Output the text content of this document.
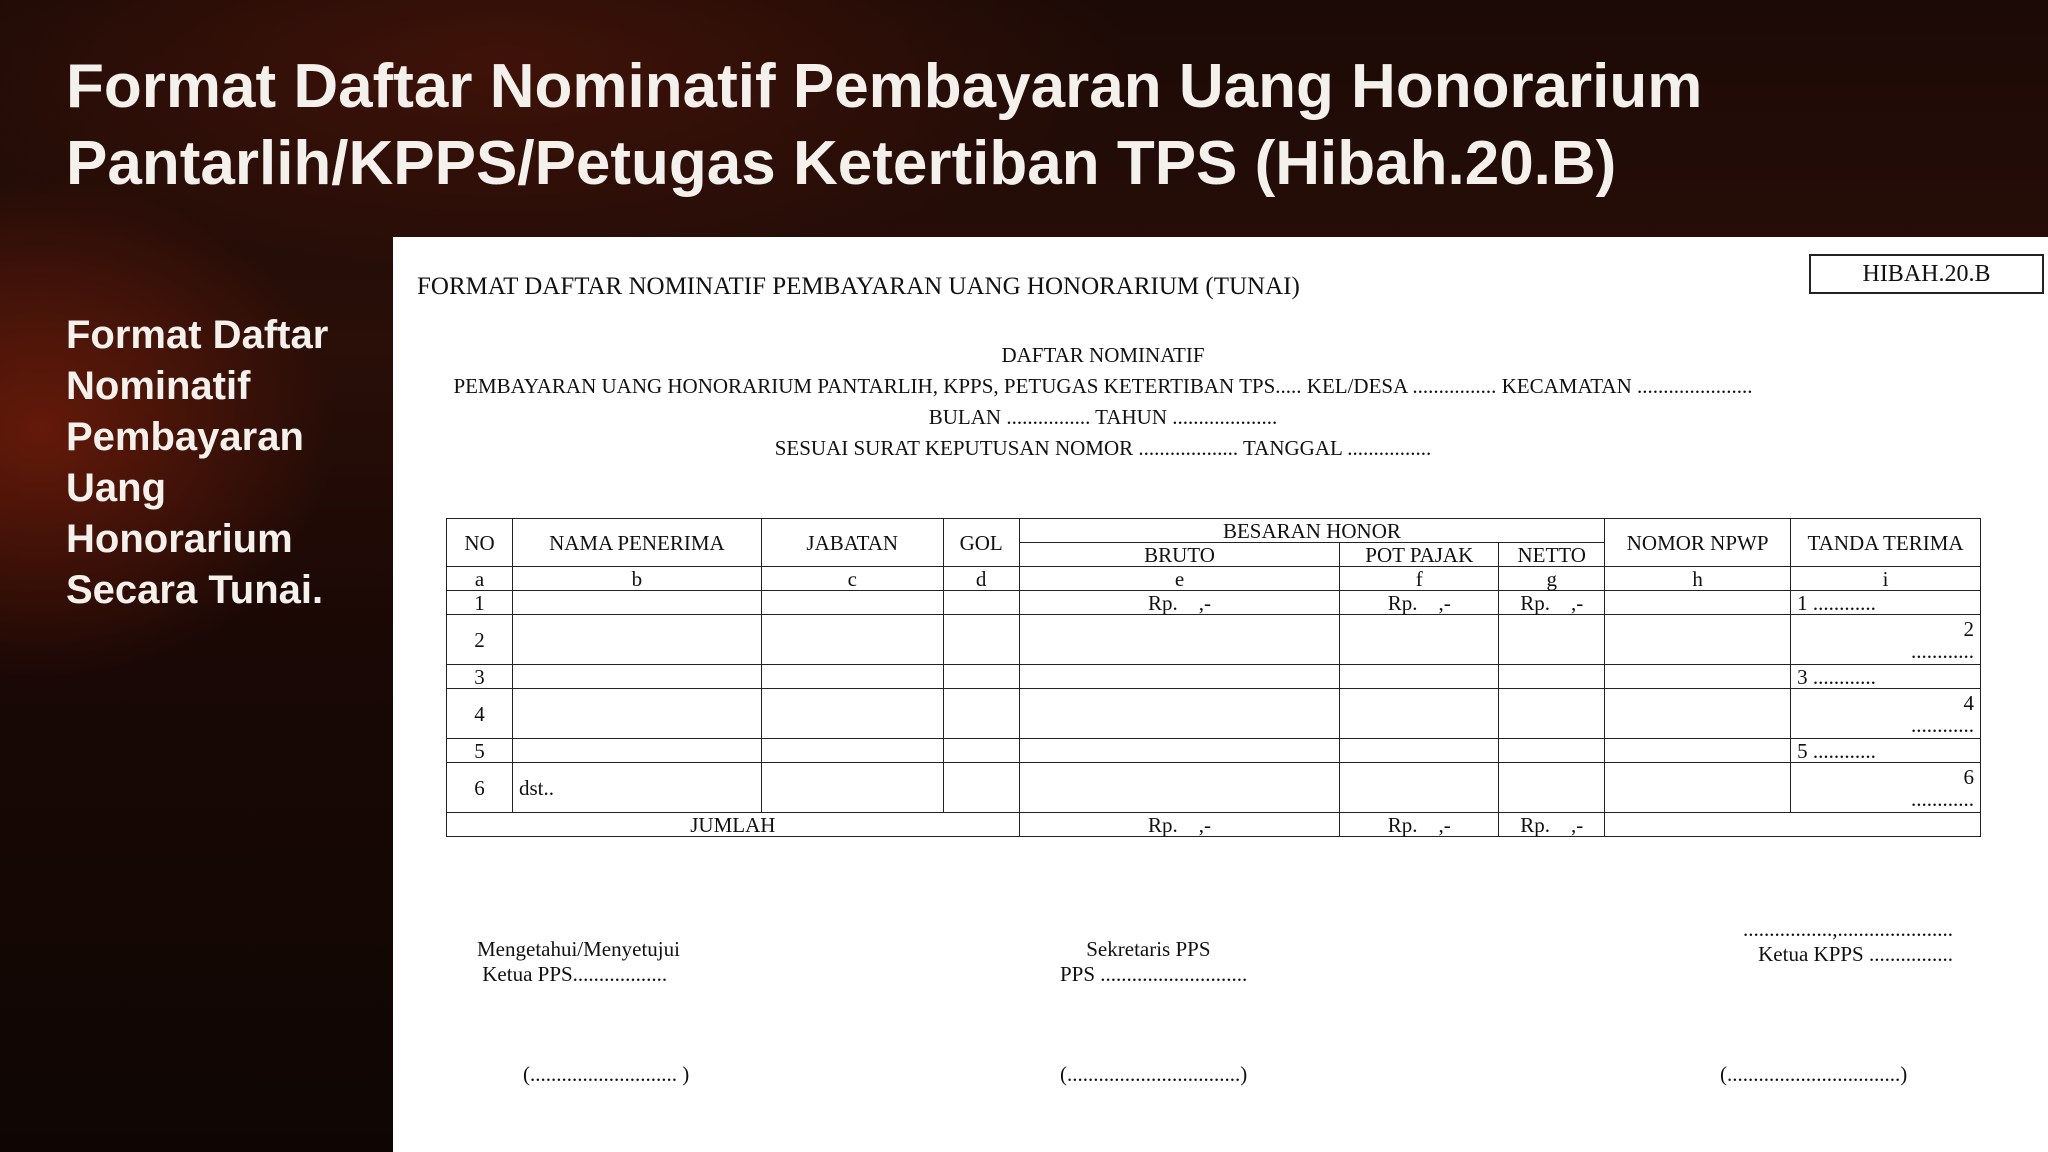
Format Daftar Nominatif Pembayaran Uang Honorarium
Pantarlih/KPPS/Petugas Ketertiban TPS (Hibah.20.B)
Format Daftar
Nominatif
Pembayaran
Uang
Honorarium
Secara Tunai.
HIBAH.20.B
FORMAT DAFTAR NOMINATIF PEMBAYARAN UANG HONORARIUM (TUNAI)
DAFTAR NOMINATIF
PEMBAYARAN UANG HONORARIUM PANTARLIH, KPPS, PETUGAS KETERTIBAN TPS..... KEL/DESA ................ KECAMATAN ......................
BULAN ................ TAHUN ....................
SESUAI SURAT KEPUTUSAN NOMOR ................... TANGGAL ................
NO	NAMA PENERIMA	JABATAN	GOL	BESARAN HONOR			NOMOR NPWP	TANDA TERIMA
				BRUTO	POT PAJAK	NETTO		
a	b	c	d	e	f	g	h	i
1				Rp.    ,-	Rp.    ,-	Rp.    ,-		1 ............
2								2
............
3								3 ............
4								4
............
5								5 ............
6	dst..							6
............
JUMLAH				Rp.    ,-	Rp.    ,-	Rp.    ,-		
Mengetahui/Menyetujui
Ketua PPS..................
(............................ )
Sekretaris PPS
PPS ............................
(.................................)
.................,......................
Ketua KPPS ................
(.................................)
